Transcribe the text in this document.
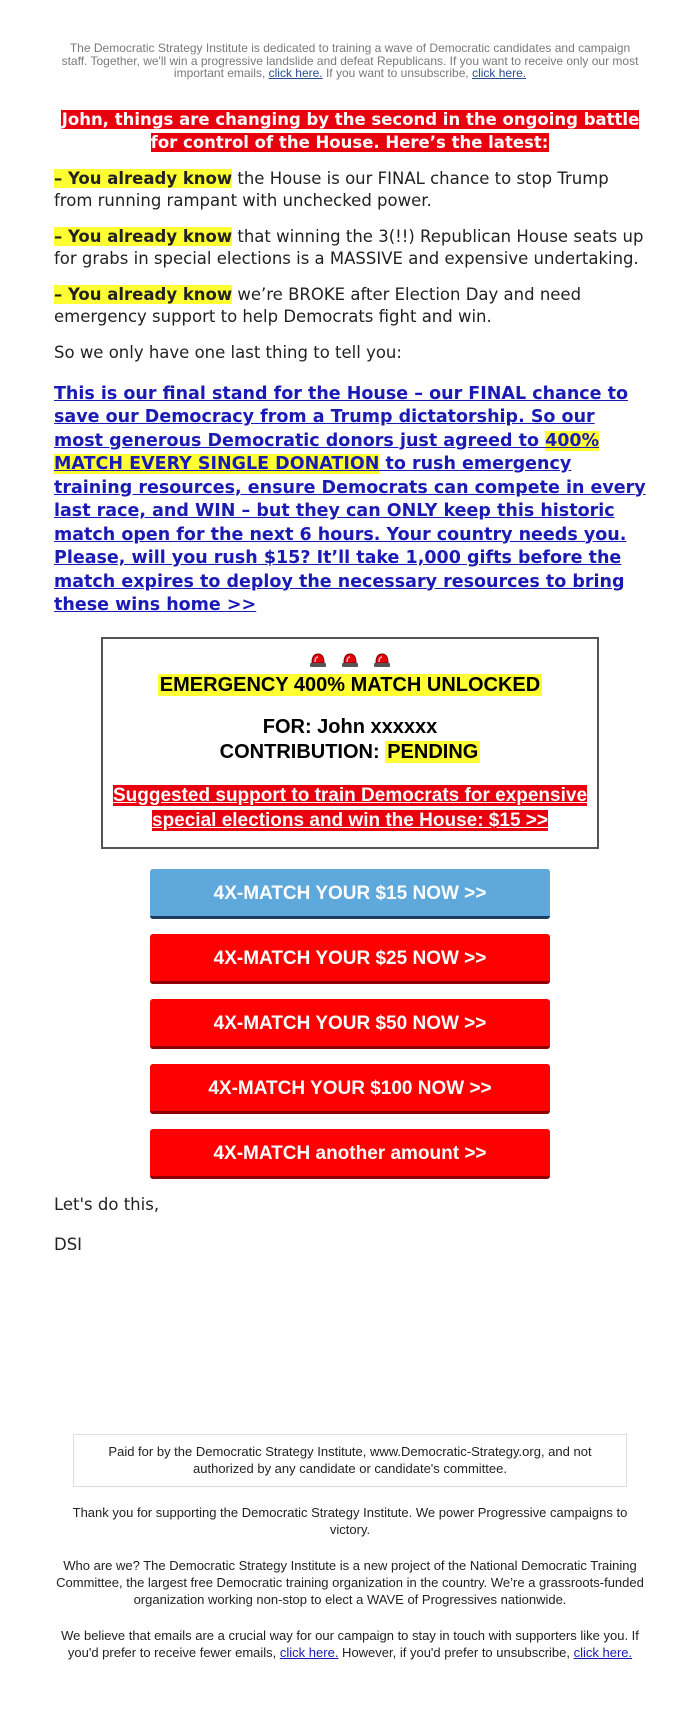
The Democratic Strategy Institute is dedicated to training a wave of Democratic candidates and campaign staff. Together, we'll win a progressive landslide and defeat Republicans. If you want to receive only our most important emails, click here. If you want to unsubscribe, click here.
John, things are changing by the second in the ongoing battle for control of the House. Here’s the latest:

– You already know the House is our FINAL chance to stop Trump from running rampant with unchecked power.

– You already know that winning the 3(!!) Republican House seats up for grabs in special elections is a MASSIVE and expensive undertaking.

– You already know we’re BROKE after Election Day and need emergency support to help Democrats fight and win.

So we only have one last thing to tell you:

This is our final stand for the House – our FINAL chance to save our Democracy from a Trump dictatorship. So our most generous Democratic donors just agreed to 400% MATCH EVERY SINGLE DONATION to rush emergency training resources, ensure Democrats can compete in every last race, and WIN – but they can ONLY keep this historic match open for the next 6 hours. Your country needs you. Please, will you rush $15? It’ll take 1,000 gifts before the match expires to deploy the necessary resources to bring these wins home >>
EMERGENCY 400% MATCH UNLOCKED
FOR: John xxxxxx
CONTRIBUTION: PENDING
Suggested support to train Democrats for expensive special elections and win the House: $15 >>
4X-MATCH YOUR $15 NOW >>
4X-MATCH YOUR $25 NOW >>
4X-MATCH YOUR $50 NOW >>
4X-MATCH YOUR $100 NOW >>
4X-MATCH another amount >>
Let's do this,
DSI
Paid for by the Democratic Strategy Institute, www.Democratic-Strategy.org, and not authorized by any candidate or candidate's committee.

Thank you for supporting the Democratic Strategy Institute. We power Progressive campaigns to victory.

Who are we? The Democratic Strategy Institute is a new project of the National Democratic Training Committee, the largest free Democratic training organization in the country. We’re a grassroots-funded organization working non-stop to elect a WAVE of Progressives nationwide.

We believe that emails are a crucial way for our campaign to stay in touch with supporters like you. If you'd prefer to receive fewer emails, click here. However, if you'd prefer to unsubscribe, click here.
